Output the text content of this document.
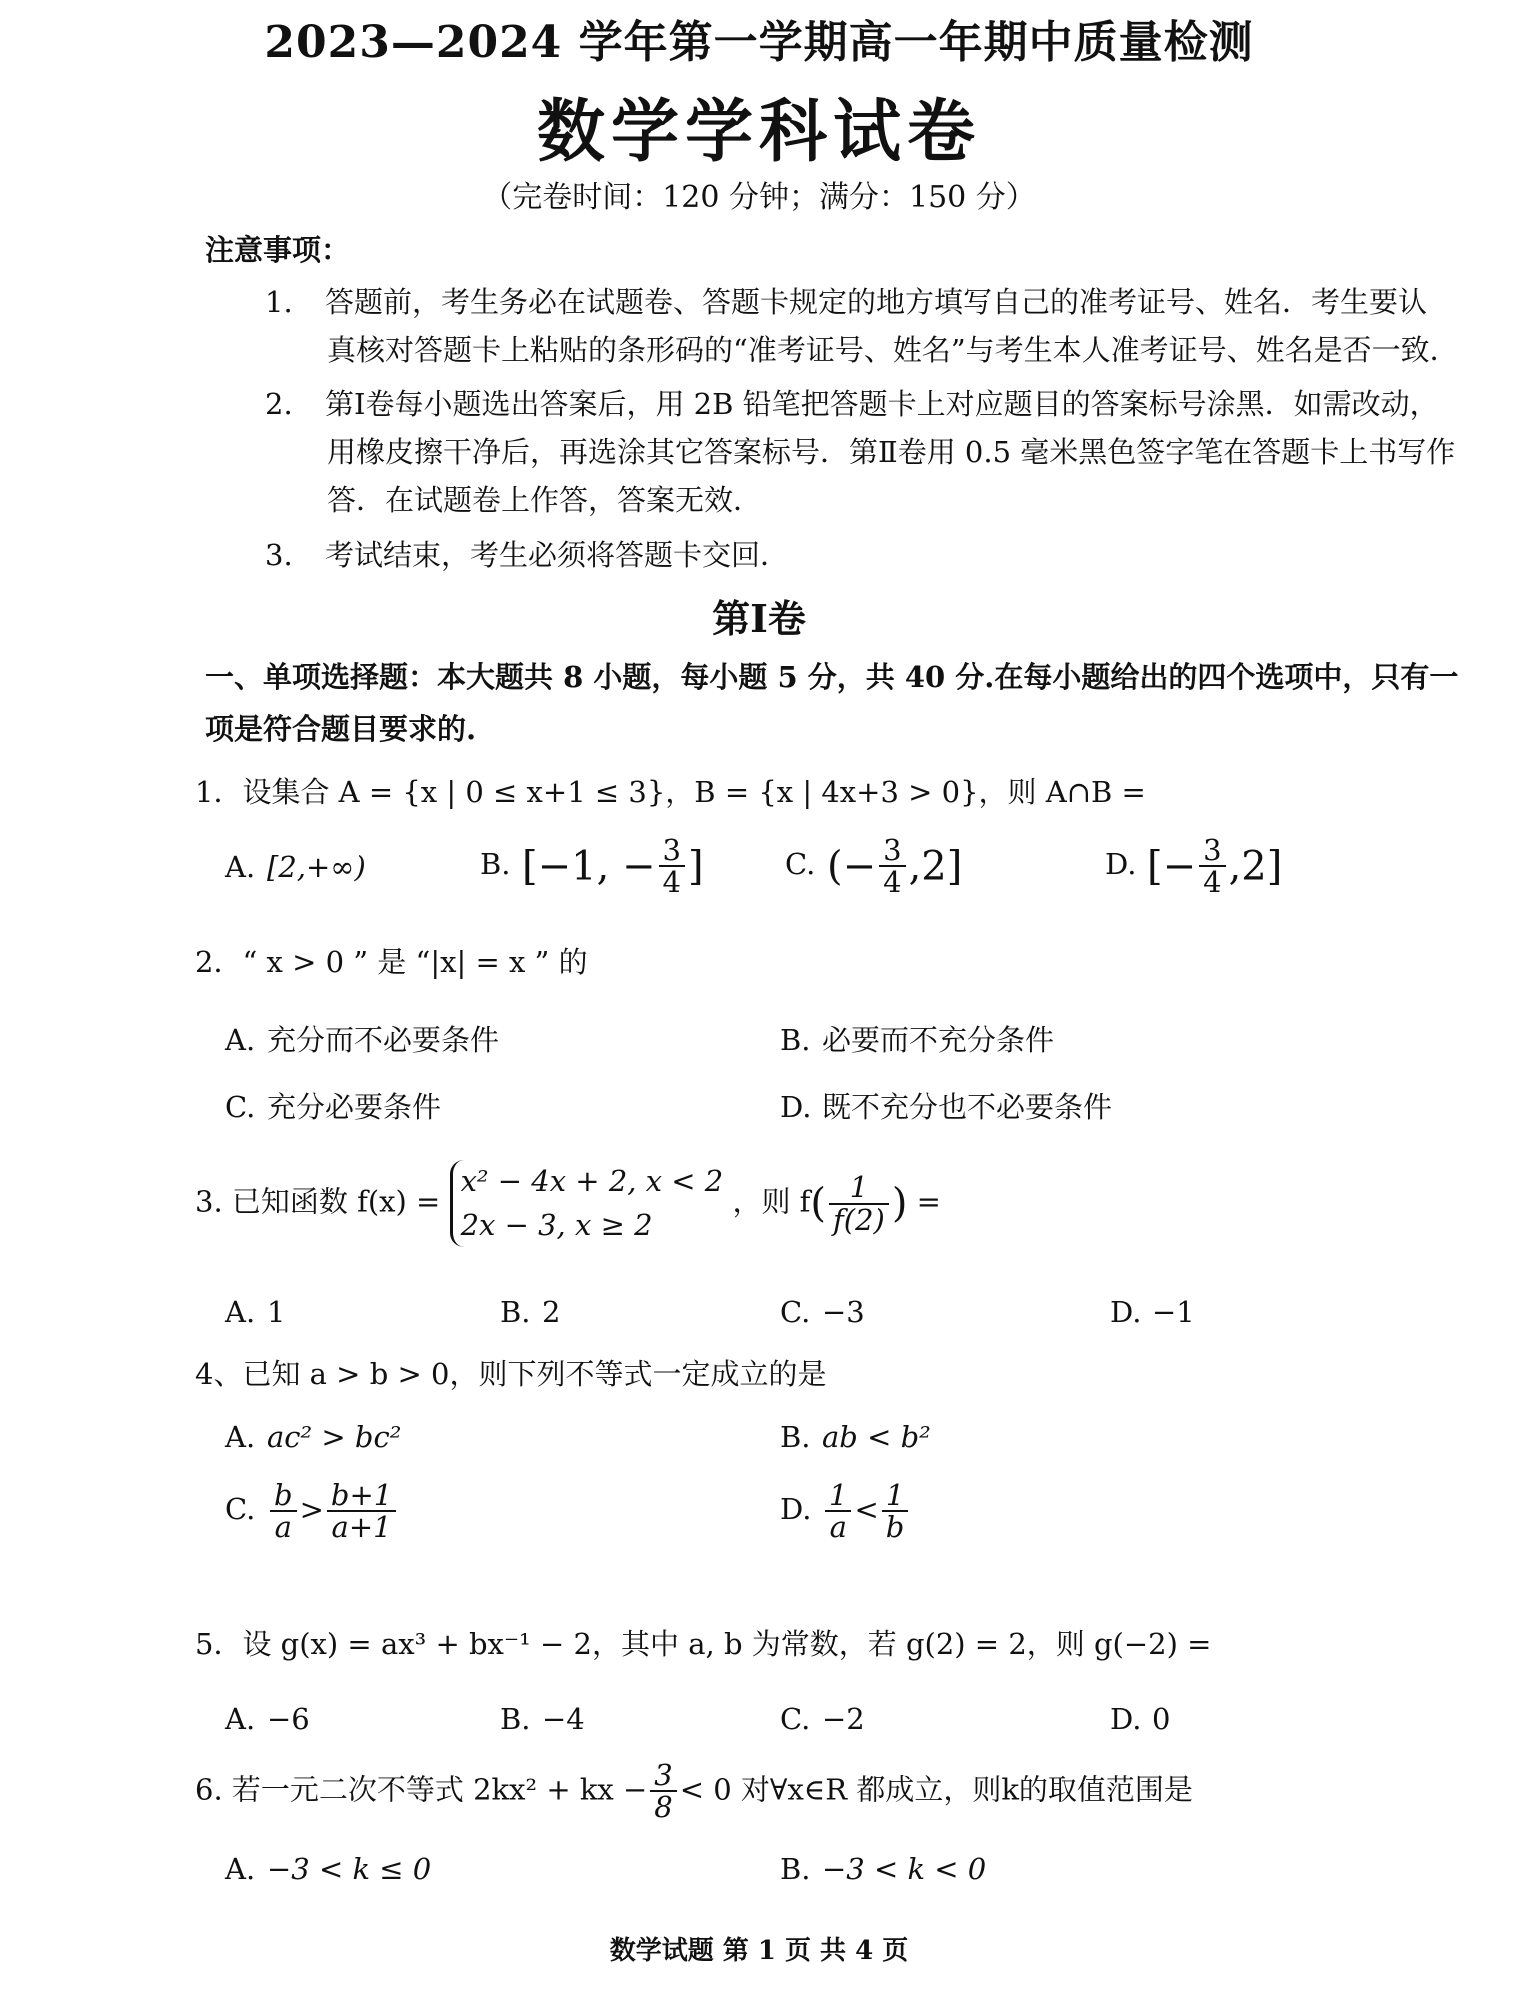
2023—2024 学年第一学期高一年期中质量检测
数学学科试卷
（完卷时间：120 分钟；满分：150 分）
注意事项：
1. 答题前，考生务必在试题卷、答题卡规定的地方填写自己的准考证号、姓名．考生要认
真核对答题卡上粘贴的条形码的“准考证号、姓名”与考生本人准考证号、姓名是否一致．
2. 第Ⅰ卷每小题选出答案后，用 2B 铅笔把答题卡上对应题目的答案标号涂黑．如需改动，
用橡皮擦干净后，再选涂其它答案标号．第Ⅱ卷用 0.5 毫米黑色签字笔在答题卡上书写作
答．在试题卷上作答，答案无效．
3. 考试结束，考生必须将答题卡交回．
第Ⅰ卷
一、单项选择题：本大题共 8 小题，每小题 5 分，共 40 分.在每小题给出的四个选项中，只有一
项是符合题目要求的.
1．设集合 A = {x | 0 ≤ x+1 ≤ 3}，B = {x | 4x+3 > 0}，则 A∩B =
A. [2,+∞)	B. [−1, − $\frac{3}{4}$ ]	C. (− $\frac{3}{4} ,2$]	D. [− $\frac{3}{4} ,2$]
2．“ x > 0 ” 是 “|x| = x ” 的
A. 充分而不必要条件	B. 必要而不充分条件
C. 充分必要条件	D. 既不充分也不必要条件
3. 已知函数 f(x) =
x² − 4x + 2, x < 2
2x − 3, x ≥ 2
，则 $f( \frac{1}{f(2)}$ ) =
A. 1	B. 2	C. −3	D. −1
4、已知 a > b > 0，则下列不等式一定成立的是
A. ac² > bc²	B. ab < b²
C. $\frac{b}{a} > \frac{b+1}{a+1}$	D. $\frac{1}{a} < \frac{1}{b}$
5．设 g(x) = ax³ + bx⁻¹ − 2，其中 a, b 为常数，若 g(2) = 2，则 g(−2) =
A. −6	B. −4	C. −2	D. 0
6. 若一元二次不等式 2kx² + kx − $\frac{3}{8} < 0$ 对∀x∈R 都成立，则k的取值范围是
A. −3 < k ≤ 0	B. −3 < k < 0
数学试题 第 1 页 共 4 页
